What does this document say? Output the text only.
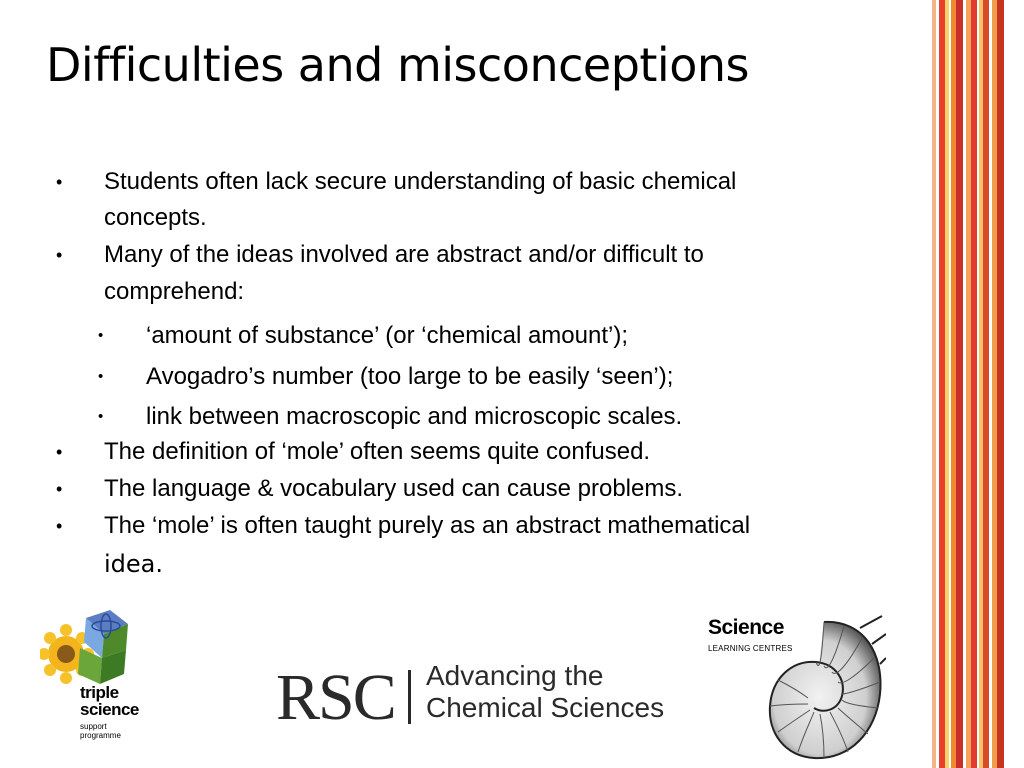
Difficulties and misconceptions
• Students often lack secure understanding of basic chemical
concepts.
• Many of the ideas involved are abstract and/or difficult to
comprehend:
• ‘amount of substance’ (or ‘chemical amount’);
• Avogadro’s number (too large to be easily ‘seen’);
• link between macroscopic and microscopic scales.
• The definition of ‘mole’ often seems quite confused.
• The language & vocabulary used can cause problems.
• The ‘mole’ is often taught purely as an abstract mathematical
idea.
triple
science
support
programme
RSC Advancing the
Chemical Sciences
Science
LEARNING CENTRES
